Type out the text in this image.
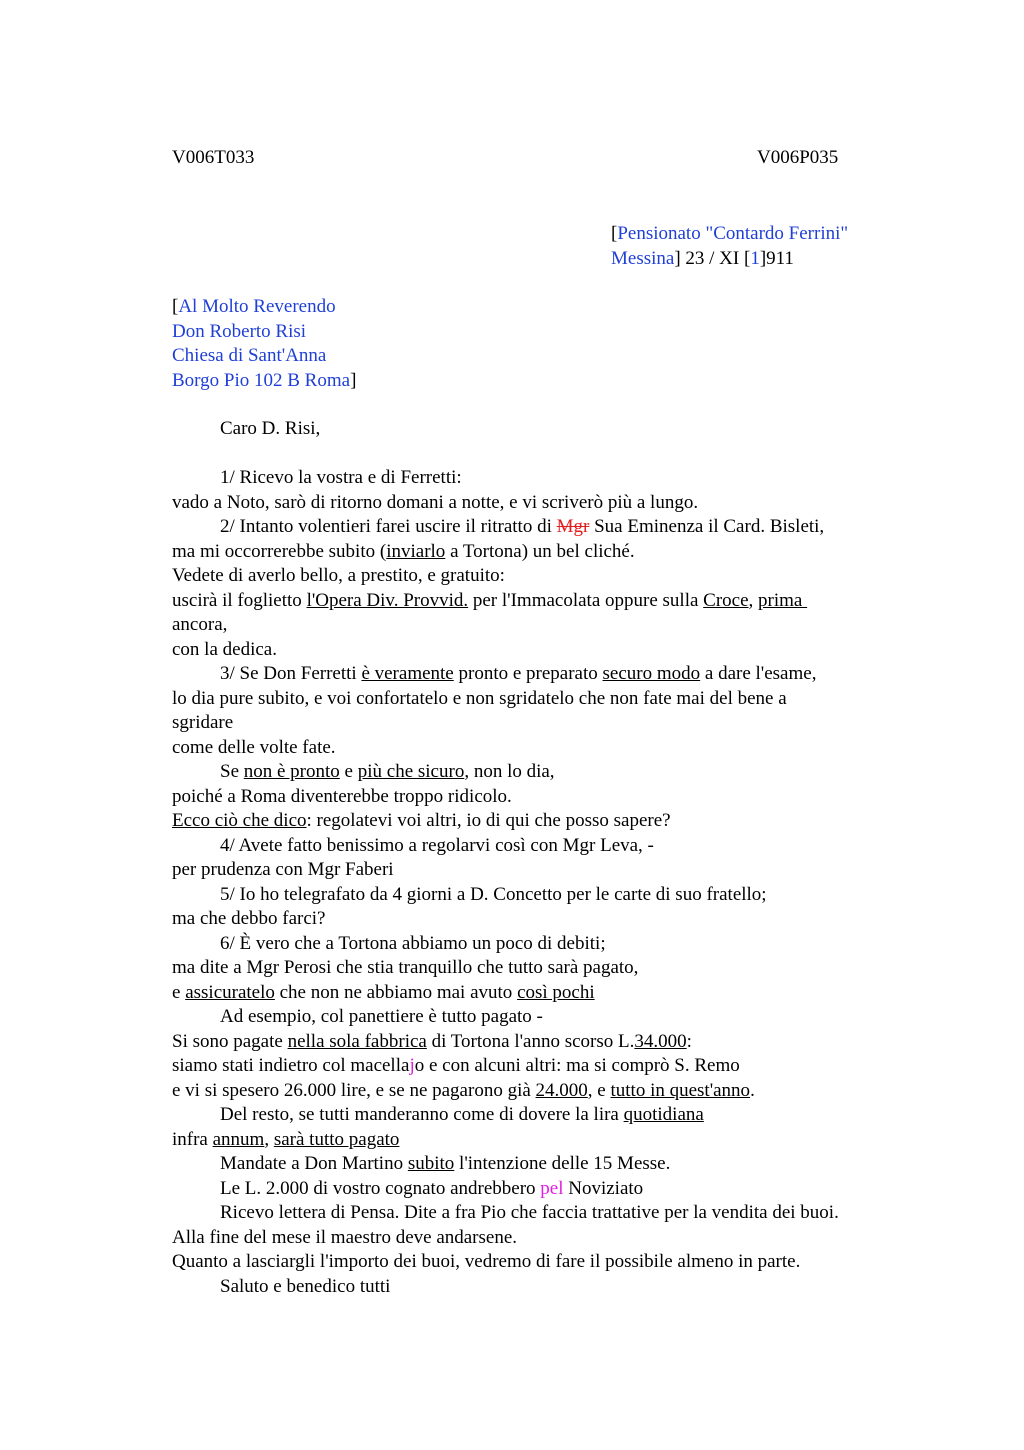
V006T033	V006P035
[Pensionato "Contardo Ferrini"
Messina] 23 / XI [1]911
[Al Molto Reverendo
Don Roberto Risi
Chiesa di Sant'Anna
Borgo Pio 102 B Roma]
Caro D. Risi,
1/ Ricevo la vostra e di Ferretti:
vado a Noto, sarò di ritorno domani a notte, e vi scriverò più a lungo.
2/ Intanto volentieri farei uscire il ritratto di Mgr Sua Eminenza il Card. Bisleti,
ma mi occorrerebbe subito (inviarlo a Tortona) un bel cliché.
Vedete di averlo bello, a prestito, e gratuito:
uscirà il foglietto l'Opera Div. Provvid. per l'Immacolata oppure sulla Croce, prima
ancora,
con la dedica.
3/ Se Don Ferretti è veramente pronto e preparato securo modo a dare l'esame,
lo dia pure subito, e voi confortatelo e non sgridatelo che non fate mai del bene a
sgridare
come delle volte fate.
Se non è pronto e più che sicuro, non lo dia,
poiché a Roma diventerebbe troppo ridicolo.
Ecco ciò che dico: regolatevi voi altri, io di qui che posso sapere?
4/ Avete fatto benissimo a regolarvi così con Mgr Leva, -
per prudenza con Mgr Faberi
5/ Io ho telegrafato da 4 giorni a D. Concetto per le carte di suo fratello;
ma che debbo farci?
6/ È vero che a Tortona abbiamo un poco di debiti;
ma dite a Mgr Perosi che stia tranquillo che tutto sarà pagato,
e assicuratelo che non ne abbiamo mai avuto così pochi
Ad esempio, col panettiere è tutto pagato -
Si sono pagate nella sola fabbrica di Tortona l'anno scorso L.34.000:
siamo stati indietro col macellajo e con alcuni altri: ma si comprò S. Remo
e vi si spesero 26.000 lire, e se ne pagarono già 24.000, e tutto in quest'anno.
Del resto, se tutti manderanno come di dovere la lira quotidiana
infra annum, sarà tutto pagato
Mandate a Don Martino subito l'intenzione delle 15 Messe.
Le L. 2.000 di vostro cognato andrebbero pel Noviziato
Ricevo lettera di Pensa. Dite a fra Pio che faccia trattative per la vendita dei buoi.
Alla fine del mese il maestro deve andarsene.
Quanto a lasciargli l'importo dei buoi, vedremo di fare il possibile almeno in parte.
Saluto e benedico tutti
